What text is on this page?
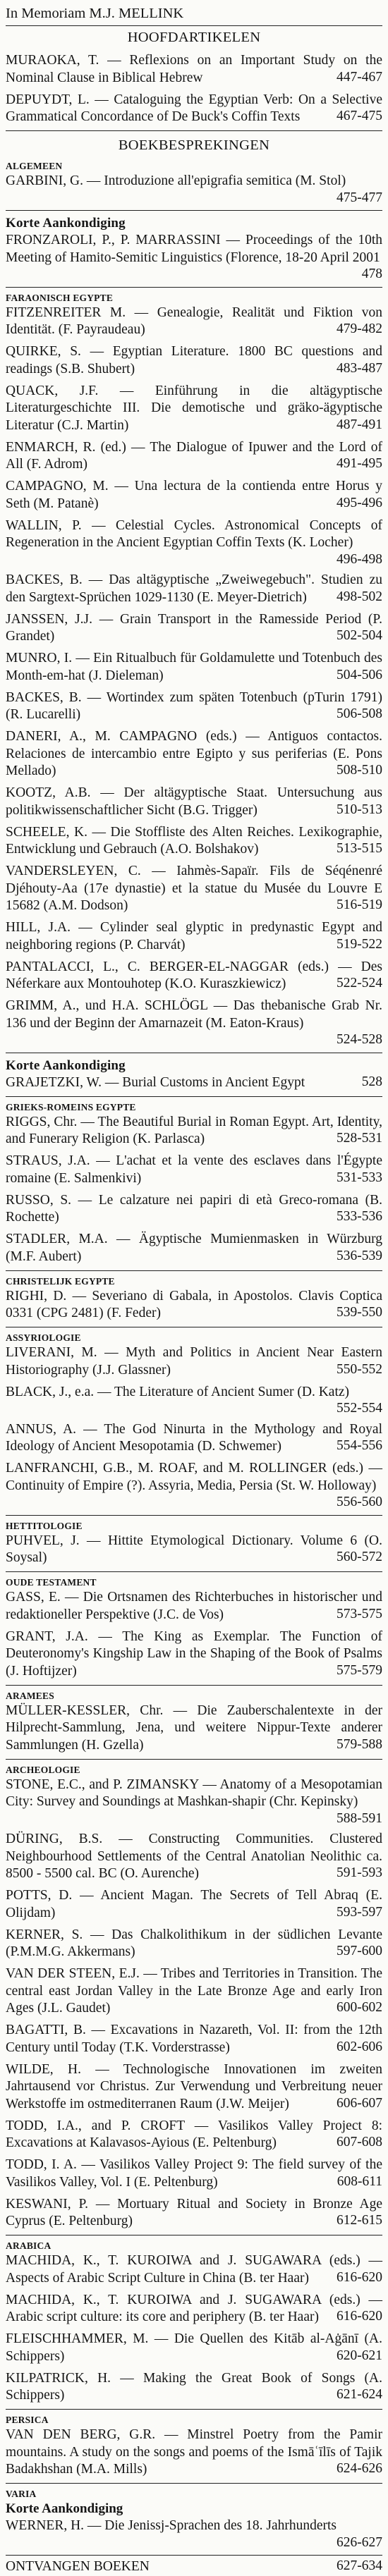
In Memoriam M.J. MELLINK
HOOFDARTIKELEN
MURAOKA, T. — Reflexions on an Important Study on the Nominal Clause in Biblical Hebrew	447-467
DEPUYDT, L. — Cataloguing the Egyptian Verb: On a Selective Grammatical Concordance of De Buck's Coffin Texts	467-475
BOEKBESPREKINGEN
ALGEMEEN
GARBINI, G. — Introduzione all'epigrafia semitica (M. Stol)
475-477
Korte Aankondiging
FRONZAROLI, P., P. MARRASSINI — Proceedings of the 10th Meeting of Hamito-Semitic Linguistics (Florence, 18-20 April 2001
478
FARAONISCH EGYPTE
FITZENREITER M. — Genealogie, Realität und Fiktion von Identität. (F. Payraudeau)	479-482
QUIRKE, S. — Egyptian Literature. 1800 BC questions and readings (S.B. Shubert)	483-487
QUACK, J.F. — Einführung in die altägyptische Literaturgeschichte III. Die demotische und gräko-ägyptische Literatur (C.J. Martin)	487-491
ENMARCH, R. (ed.) — The Dialogue of Ipuwer and the Lord of All (F. Adrom)	491-495
CAMPAGNO, M. — Una lectura de la contienda entre Horus y Seth (M. Patanè)	495-496
WALLIN, P. — Celestial Cycles. Astronomical Concepts of Regeneration in the Ancient Egyptian Coffin Texts (K. Locher)
496-498
BACKES, B. — Das altägyptische „Zweiwegebuch". Studien zu den Sargtext-Sprüchen 1029-1130 (E. Meyer-Dietrich)	498-502
JANSSEN, J.J. — Grain Transport in the Ramesside Period (P. Grandet)	502-504
MUNRO, I. — Ein Ritualbuch für Goldamulette und Totenbuch des Month-em-hat (J. Dieleman)	504-506
BACKES, B. — Wortindex zum späten Totenbuch (pTurin 1791) (R. Lucarelli)	506-508
DANERI, A., M. CAMPAGNO (eds.) — Antiguos contactos. Relaciones de intercambio entre Egipto y sus periferias (E. Pons Mellado)	508-510
KOOTZ, A.B. — Der altägyptische Staat. Untersuchung aus politikwissenschaftlicher Sicht (B.G. Trigger)	510-513
SCHEELE, K. — Die Stoffliste des Alten Reiches. Lexikographie, Entwicklung und Gebrauch (A.O. Bolshakov)	513-515
VANDERSLEYEN, C. — Iahmès-Sapaïr. Fils de Séqénenré Djéhouty-Aa (17e dynastie) et la statue du Musée du Louvre E 15682 (A.M. Dodson)	516-519
HILL, J.A. — Cylinder seal glyptic in predynastic Egypt and neighboring regions (P. Charvát)	519-522
PANTALACCI, L., C. BERGER-EL-NAGGAR (eds.) — Des Néferkare aux Montouhotep (K.O. Kuraszkiewicz)	522-524
GRIMM, A., und H.A. SCHLÖGL — Das thebanische Grab Nr. 136 und der Beginn der Amarnazeit (M. Eaton-Kraus)
524-528
Korte Aankondiging
GRAJETZKI, W. — Burial Customs in Ancient Egypt	528
GRIEKS-ROMEINS EGYPTE
RIGGS, Chr. — The Beautiful Burial in Roman Egypt. Art, Identity, and Funerary Religion (K. Parlasca)	528-531
STRAUS, J.A. — L'achat et la vente des esclaves dans l'Égypte romaine (E. Salmenkivi)	531-533
RUSSO, S. — Le calzature nei papiri di età Greco-romana (B. Rochette)	533-536
STADLER, M.A. — Ägyptische Mumienmasken in Würzburg (M.F. Aubert)	536-539
CHRISTELIJK EGYPTE
RIGHI, D. — Severiano di Gabala, in Apostolos. Clavis Coptica 0331 (CPG 2481) (F. Feder)	539-550
ASSYRIOLOGIE
LIVERANI, M. — Myth and Politics in Ancient Near Eastern Historiography (J.J. Glassner)	550-552
BLACK, J., e.a. — The Literature of Ancient Sumer (D. Katz)
552-554
ANNUS, A. — The God Ninurta in the Mythology and Royal Ideology of Ancient Mesopotamia (D. Schwemer)	554-556
LANFRANCHI, G.B., M. ROAF, and M. ROLLINGER (eds.) — Continuity of Empire (?). Assyria, Media, Persia (St. W. Holloway)
556-560
HETTITOLOGIE
PUHVEL, J. — Hittite Etymological Dictionary. Volume 6 (O. Soysal)	560-572
OUDE TESTAMENT
GASS, E. — Die Ortsnamen des Richterbuches in historischer und redaktioneller Perspektive (J.C. de Vos)	573-575
GRANT, J.A. — The King as Exemplar. The Function of Deuteronomy's Kingship Law in the Shaping of the Book of Psalms (J. Hoftijzer)	575-579
ARAMEES
MÜLLER-KESSLER, Chr. — Die Zauberschalentexte in der Hilprecht-Sammlung, Jena, und weitere Nippur-Texte anderer Sammlungen (H. Gzella)	579-588
ARCHEOLOGIE
STONE, E.C., and P. ZIMANSKY — Anatomy of a Mesopotamian City: Survey and Soundings at Mashkan-shapir (Chr. Kepinsky)
588-591
DÜRING, B.S. — Constructing Communities. Clustered Neighbourhood Settlements of the Central Anatolian Neolithic ca. 8500 - 5500 cal. BC (O. Aurenche)	591-593
POTTS, D. — Ancient Magan. The Secrets of Tell Abraq (E. Olijdam)	593-597
KERNER, S. — Das Chalkolithikum in der südlichen Levante (P.M.M.G. Akkermans)	597-600
VAN DER STEEN, E.J. — Tribes and Territories in Transition. The central east Jordan Valley in the Late Bronze Age and early Iron Ages (J.L. Gaudet)	600-602
BAGATTI, B. — Excavations in Nazareth, Vol. II: from the 12th Century until Today (T.K. Vorderstrasse)	602-606
WILDE, H. — Technologische Innovationen im zweiten Jahrtausend vor Christus. Zur Verwendung und Verbreitung neuer Werkstoffe im ostmediterranen Raum (J.W. Meijer)	606-607
TODD, I.A., and P. CROFT — Vasilikos Valley Project 8: Excavations at Kalavasos-Ayious (E. Peltenburg)	607-608
TODD, I. A. — Vasilikos Valley Project 9: The field survey of the Vasilikos Valley, Vol. I (E. Peltenburg)	608-611
KESWANI, P. — Mortuary Ritual and Society in Bronze Age Cyprus (E. Peltenburg)	612-615
ARABICA
MACHIDA, K., T. KUROIWA and J. SUGAWARA (eds.) — Aspects of Arabic Script Culture in China (B. ter Haar)	616-620
MACHIDA, K., T. KUROIWA and J. SUGAWARA (eds.) — Arabic script culture: its core and periphery (B. ter Haar)	616-620
FLEISCHHAMMER, M. — Die Quellen des Kitāb al-Aġānī (A. Schippers)	620-621
KILPATRICK, H. — Making the Great Book of Songs (A. Schippers)	621-624
PERSICA
VAN DEN BERG, G.R. — Minstrel Poetry from the Pamir mountains. A study on the songs and poems of the Ismāʿīlīs of Tajik Badakhshan (M.A. Mills)	624-626
VARIA
Korte Aankondiging
WERNER, H. — Die Jenissj-Sprachen des 18. Jahrhunderts
626-627
ONTVANGEN BOEKEN	627-634
